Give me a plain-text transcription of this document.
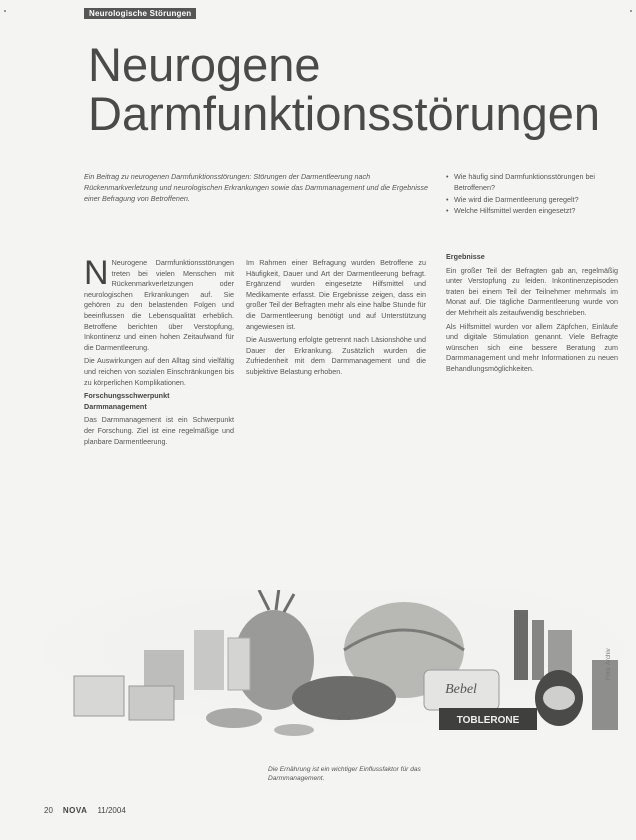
Neurologische Störungen
Neurogene Darmfunktionsstörungen

Ein Beitrag zu neurogenen Darmfunktionsstörungen: Störungen der Darmentleerung nach Rückenmarkverletzung und neurologischen Erkrankungen sowie das Darmmanagement und die Ergebnisse einer Befragung von Betroffenen.

• Wie häufig sind Darmfunktionsstörungen bei Betroffenen?
• Wie wird die Darmentleerung geregelt?
• Welche Hilfsmittel werden eingesetzt?

N Neurogene Darmfunktionsstörungen treten bei vielen Menschen mit Rückenmarkverletzungen oder neurologischen Erkrankungen auf. Sie gehören zu den belastenden Folgen und beeinflussen die Lebensqualität erheblich. Betroffene berichten über Verstopfung, Inkontinenz und einen hohen Zeitaufwand für die Darmentleerung.

Die Auswirkungen auf den Alltag sind vielfältig und reichen von sozialen Einschränkungen bis zu körperlichen Komplikationen.

Forschungsschwerpunkt
Darmmanagement

Das Darmmanagement ist ein Schwerpunkt der Forschung. Ziel ist eine regelmäßige und planbare Darmentleerung.

Im Rahmen einer Befragung wurden Betroffene zu Häufigkeit, Dauer und Art der Darmentleerung befragt. Ergänzend wurden eingesetzte Hilfsmittel und Medikamente erfasst. Die Ergebnisse zeigen, dass ein großer Teil der Befragten mehr als eine halbe Stunde für die Darmentleerung benötigt und auf Unterstützung angewiesen ist.

Die Auswertung erfolgte getrennt nach Läsionshöhe und Dauer der Erkrankung. Zusätzlich wurden die Zufriedenheit mit dem Darmmanagement und die subjektive Belastung erhoben.

Ergebnisse

Ein großer Teil der Befragten gab an, regelmäßig unter Verstopfung zu leiden. Inkontinenzepisoden traten bei einem Teil der Teilnehmer mehrmals im Monat auf. Die tägliche Darmentleerung wurde von der Mehrheit als zeitaufwendig beschrieben.

Als Hilfsmittel wurden vor allem Zäpfchen, Einläufe und digitale Stimulation genannt. Viele Befragte wünschen sich eine bessere Beratung zum Darmmanagement und mehr Informationen zu neuen Behandlungsmöglichkeiten.

Bebel
TOBLERONE
Die Ernährung ist ein wichtiger Einflussfaktor für das Darmmanagement.
Foto: Archiv
20 NOVA 11/2004
